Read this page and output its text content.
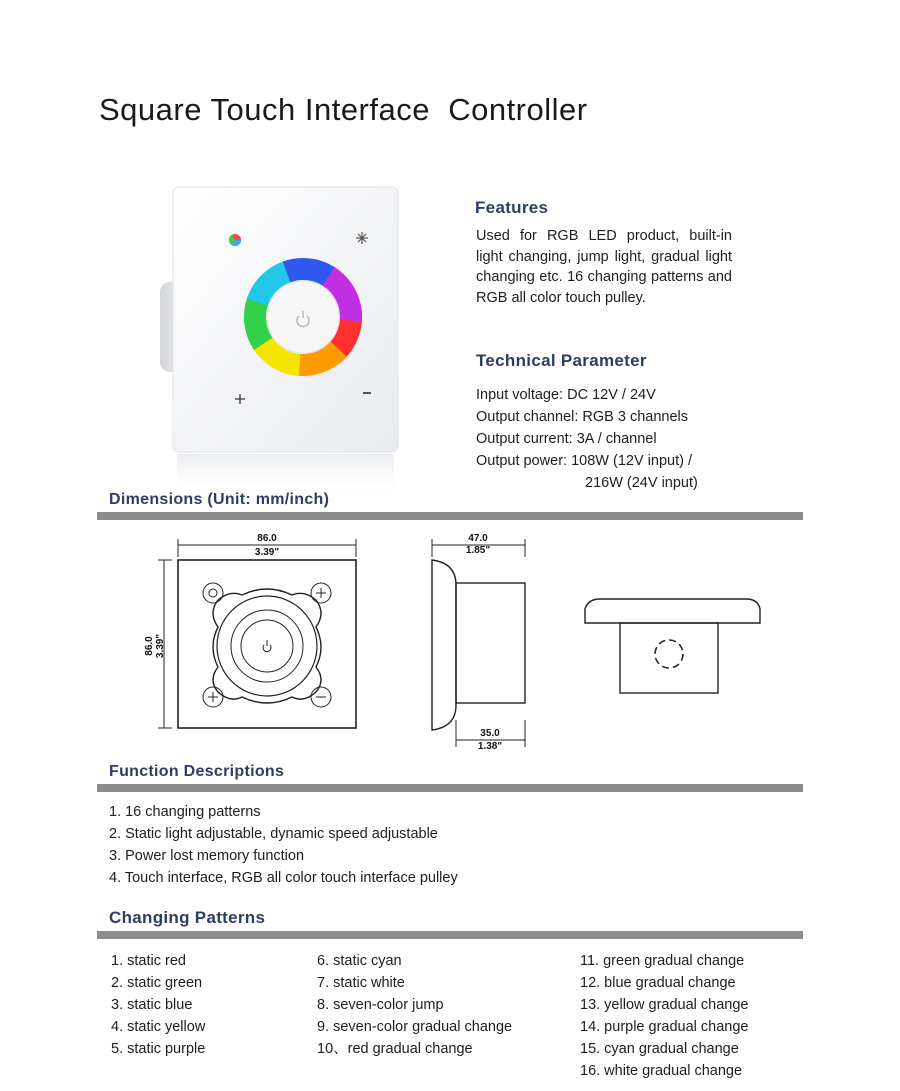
Square Touch Interface  Controller
Features
Used for RGB LED product, built-in light changing, jump light, gradual light changing etc. 16 changing patterns and RGB all color touch pulley.
Technical Parameter
Input voltage: DC 12V / 24V
Output channel: RGB 3 channels
Output current: 3A / channel
Output power: 108W (12V input) /
216W (24V input)
Dimensions (Unit: mm/inch)
86.0
3.39"
47.0
1.85"
35.0
1.38"
86.0 3.39"
Function Descriptions
1. 16 changing patterns
2. Static light adjustable, dynamic speed adjustable
3. Power lost memory function
4. Touch interface, RGB all color touch interface pulley
Changing Patterns
1. static red
2. static green
3. static blue
4. static yellow
5. static purple
6. static cyan
7. static white
8. seven-color jump
9. seven-color gradual change
10、red gradual change
11. green gradual change
12. blue gradual change
13. yellow gradual change
14. purple gradual change
15. cyan gradual change
16. white gradual change
